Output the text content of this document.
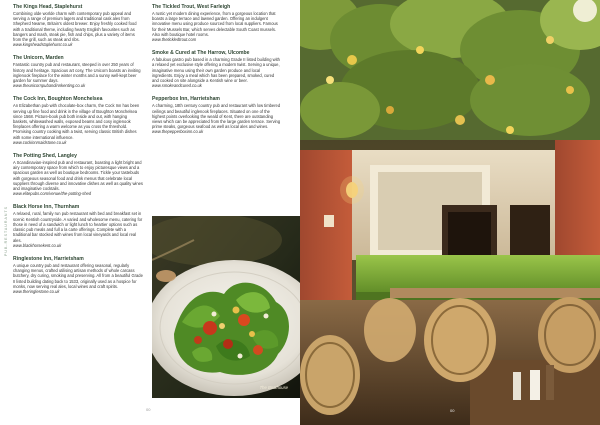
PUB-RESTAURANTS
The Kings Head, Staplehurst

Combining olde worlde charm with contemporary pub appeal and serving a range of premium lagers and traditional cask ales from Shepherd Neame, Britain’s oldest brewer. Enjoy freshly cooked food with a traditional theme, including hearty English favourites such as bangers and mash, steak pie, fish and chips, plus a variety of items from the grill, such as steak and ribs.

www.kingsheadstaplehurst.co.uk
The Unicorn, Marden

Fantastic country pub and restaurant, steeped in over 250 years of history and heritage. Spacious art cosy, The Unicorn boasts an inviting inglenook fireplace for the winter months and a sunny well-kept beer garden for summer days.

www.theunicornpubandinnkenting.co.uk
The Cock Inn, Boughton Monchelsea

An Elizabethan pub with chocolate-box charm, the Cock Inn has been serving up fine food and drink in the village of Boughton Monchelsea since 1568. Picture-book pub both inside and out, with hanging baskets, whitewashed walls, exposed beams and cosy inglenook fireplaces offering a warm welcome as you cross the threshold. Promising country cooking with a twist, serving classic British dishes with some international influence.

www.cockinnmaidstone.co.uk
The Potting Shed, Langley

A Scandinavian-inspired pub and restaurant, boasting a light bright and airy contemporary space from which to enjoy picturesque views and a spacious garden as well as boutique bedrooms. Tickle your tastebuds with gorgeous seasonal food and drink menus that celebrate local suppliers through diverse and innovative dishes as well as quality wines and imaginative cocktails.

www.elitepubs.com/venue/the-potting-shed
Black Horse Inn, Thurnham

A relaxed, rural, family run pub restaurant with bed and breakfast set in scenic Kentish countryside. A varied and wholesome menu, catering for those in need of a sandwich or light lunch to heartier options such as classic pub meals and full a la carte offerings. Complete with a traditional bar stocked with wines from local vineyards and local real ales.

www.blackhorsekent.co.uk
Ringlestone Inn, Harrietsham

A unique country pub and restaurant offering seasonal, regularly changing menus, crafted utilising artisan methods of whole carcass butchery, dry curing, smoking and preserving. All from a beautiful Grade II listed building dating back to 1533, originally used as a hospice for monks, now serving real ales, local wines and craft spirits.

www.theringlestone.co.uk
The Tickled Trout, West Farleigh

A rustic yet modern dining experience, from a gorgeous location that boasts a large terrace and lawned garden. Offering an indulgent innovative menu using produce sourced from local suppliers. Famous for their Mussels Bar, which serves delectable South Coast mussels. Also with boutique hotel rooms.

www.thetickledtrout.com
Smoke & Cured at The Harrow, Ulcombe

A fabulous gastro pub based in a charming Grade II listed building with a relaxed yet exclusive style offering a modern twist. Serving a unique, imaginative menu using their own garden produce and local ingredients. Enjoy a meal which has been prepared, smoked, cured and cooked on site alongside a Kentish wine or beer.

www.smokeandcured.co.uk
Pepperbox Inn, Harrietsham

A charming, 18th century country pub and restaurant with low timbered ceilings and beautiful inglenook fireplaces. Situated on one of the highest points overlooking the weald of Kent, there are outstanding views which can be appreciated from the large garden terrace. Serving prime steaks, gorgeous seafood as well as local ales and wines.

www.thepepperboxinn.co.uk
The Boathouse
00	00
